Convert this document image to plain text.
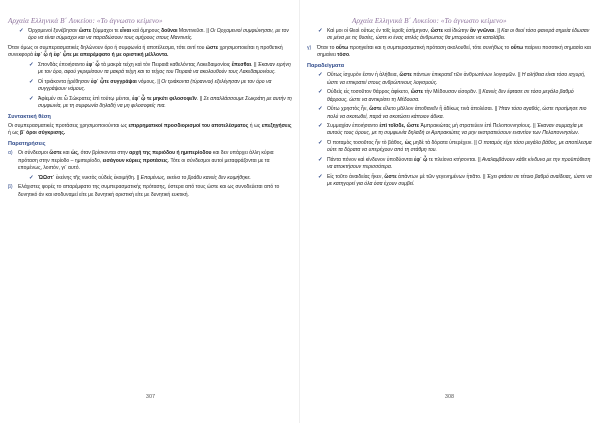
Αρχαία Ελληνικά Β΄ Λυκείου: «Το άγνωστο κείμενο»
✓ Ὀρχομενοί ξυνέβησαν ὥστε ξύμμαχοι τε εἶναι καὶ ὅμηρους δοῦναι Μαντινεῦσι. || Οι Ορχομενιοί συμφώνησαν, με τον όρο να είναι σύμμαχοι και να παραδώσουν τους ομήρους στους Μαντινείς.

Όταν όμως οι συμπερασματικές δηλώνουν όρο ή συμφωνία ή αποτέλεσμα, τότε αντί του ώστε χρησιμοποιείται η προθετική συνεκφορά ἐφ᾿ ᾧ ή ἐφ᾿ ᾧτε με απαρέμφατο ή με οριστική μέλλοντα.

✓ Σπονδὰς ἐποιήσαντο ἐφ᾿ ᾧ τὰ μακρὰ τείχη καὶ τὸν Πειραιᾶ καθελόντας Λακεδαιμονίοις ἕπεσθαι. || Έκαναν ειρήνη με τον όρο, αφού γκρεμίσουν τα μακρά τείχη και το τείχος του Πειραιά να ακολουθούν τους Λακεδαιμονίους.
✓ Οἱ τριάκοντα ᾑρέθησαν ἐφ᾿ ᾧτε συγγράψαι νόμους. || Οι τριάκοντα (τύραννοι) εξελέγησαν με τον όρο να συγγράψουν νόμους.
✓ Ἀφίεμέν σε ὦ Σώκρατες ἐπὶ τούτῳ μέντοι, ἐφ᾿ ᾧ τε μηκέτι φιλοσοφεῖν. || Σε απαλλάσσουμε Σωκράτη με αυτήν τη συμφωνία, με τη συμφωνία δηλαδή να μη φιλοσοφείς πια.
Συντακτική θέση

Οι συμπερασματικές προτάσεις χρησιμοποιούνται ως επιρρηματικοί προσδιορισμοί του αποτελέσματος ή ως επεξηγήσεις ή ως β΄ όροι σύγκρισης.

Παρατηρήσεις
α) Οι σύνδεσμοι ὥστε και ὡς, όταν βρίσκονται στην αρχή της περιόδου ή ημιπερίοδου και δεν υπάρχει άλλη κύρια πρόταση στην περίοδο – ημιπερίοδο, εισάγουν κύριες προτάσεις. Τότε οι σύνδεσμοι αυτοί μεταφράζονται με τα επομένως, λοιπόν, γι᾿ αυτό.
✓ ὭΩστ᾿ ἐκείνης τῆς νυκτὸς οὐδεὶς ἐκοιμήθη. || Επομένως, εκείνο το βράδυ κανείς δεν κοιμήθηκε.
β) Ελάχιστες φορές το απαρέμφατο της συμπερασματικής πρότασης, ύστερα από τους ώστε και ως συνοδεύεται από το δυνητικό άν και ισοδυναμεί είτε με δυνητική οριστική είτε με δυνητική ευκτική.
307
Αρχαία Ελληνικά Β΄ Λυκείου: «Το άγνωστο κείμενο»
✓ Καὶ μοι οἱ Θεοὶ οὕτως ἐν τοῖς ἱεροῖς ἐσήμηναν, ὥστε καὶ ἰδιώτην ἂν γνῶναι. || Και οι θεοί τόσο φανερά σημεία έδωσαν σε μένα με τις θυσίες, ώστε κι ένας απλός άνθρωπος θα μπορούσε να καταλάβει.
γ) Όταν το οὕτω προηγείται και η συμπερασματική πρόταση ακολουθεί, τότε συνήθως το οὕτω παίρνει ποσοτική σημασία και σημαίνει τόσο.
Παραδείγματα
✓ Οὕτως ἰσχυρὸν ἔστιν ἡ ἀλήθεια, ὥστε πάντων ἐπικρατεῖ τῶν ἀνθρωπίνων λογισμῶν. || Η αλήθεια είναι τόσο ισχυρή, ώστε να επικρατεί στους ανθρώπινους λογισμούς.
✓ Οὐδεὶς εἰς τοσοῦτον θάρρος ἀφίκετο, ὥστε τὴν Μέδουσαν εἰσορᾶν. || Κανείς δεν έφτασε σε τόσο μεγάλο βαθμό θάρρους, ώστε να αντικρίσει τη Μέδουσα.
✓ Οὕτω χρηστὸς ἦν, ὥστε εἵλετο μᾶλλον ἀποθανεῖν ἢ ἀδίκως τινὰ ἀπολέσαι. || Ήταν τόσο αγαθός, ώστε προτίμησε πιο πολύ να σκοτωθεί, παρά να σκοτώσει κάποιον άδικα.
✓ Συμμαχίαν ἐποιήσαντο ἐπὶ τοῖσδε, ὥστε Ἀμπρακιώτας μὴ στρατεύειν ἐπὶ Πελοποννησίους. || Έκαναν συμμαχία με αυτούς τους όρους, με τη συμφωνία δηλαδή οι Αμπρακιώτες να μην εκστρατεύσουν εναντίον των Πελοποννησίων.
✓ Ὁ ποταμὸς τοσοῦτος ἦν τὸ βάθος, ὡς μηδὲ τὰ δόρατα ὑπερέχειν. || Ο ποταμός είχε τόσο μεγάλο βάθος, με αποτέλεσμα ούτε τα δόρατα να υπερέχουν από τη στάθμη του.
✓ Πάντα πόνον καὶ κίνδυνον ὑποδύονται ἐφ᾿ ᾧ τε πλείονα κτήσονται. || Αναλαμβάνουν κάθε κίνδυνο με την προϋπόθεση να αποκτήσουν περισσότερα.
✓ Εἰς τοῦτο ἀναιδείας ἥκεν, ὥστε ἁπάντων μὲ τῶν γεγενημένων ἠτιᾶτο. || Έχει φτάσει σε τέτοιο βαθμό αναίδειας, ώστε να με κατηγορεί για όλα όσα έχουν συμβεί.
308
